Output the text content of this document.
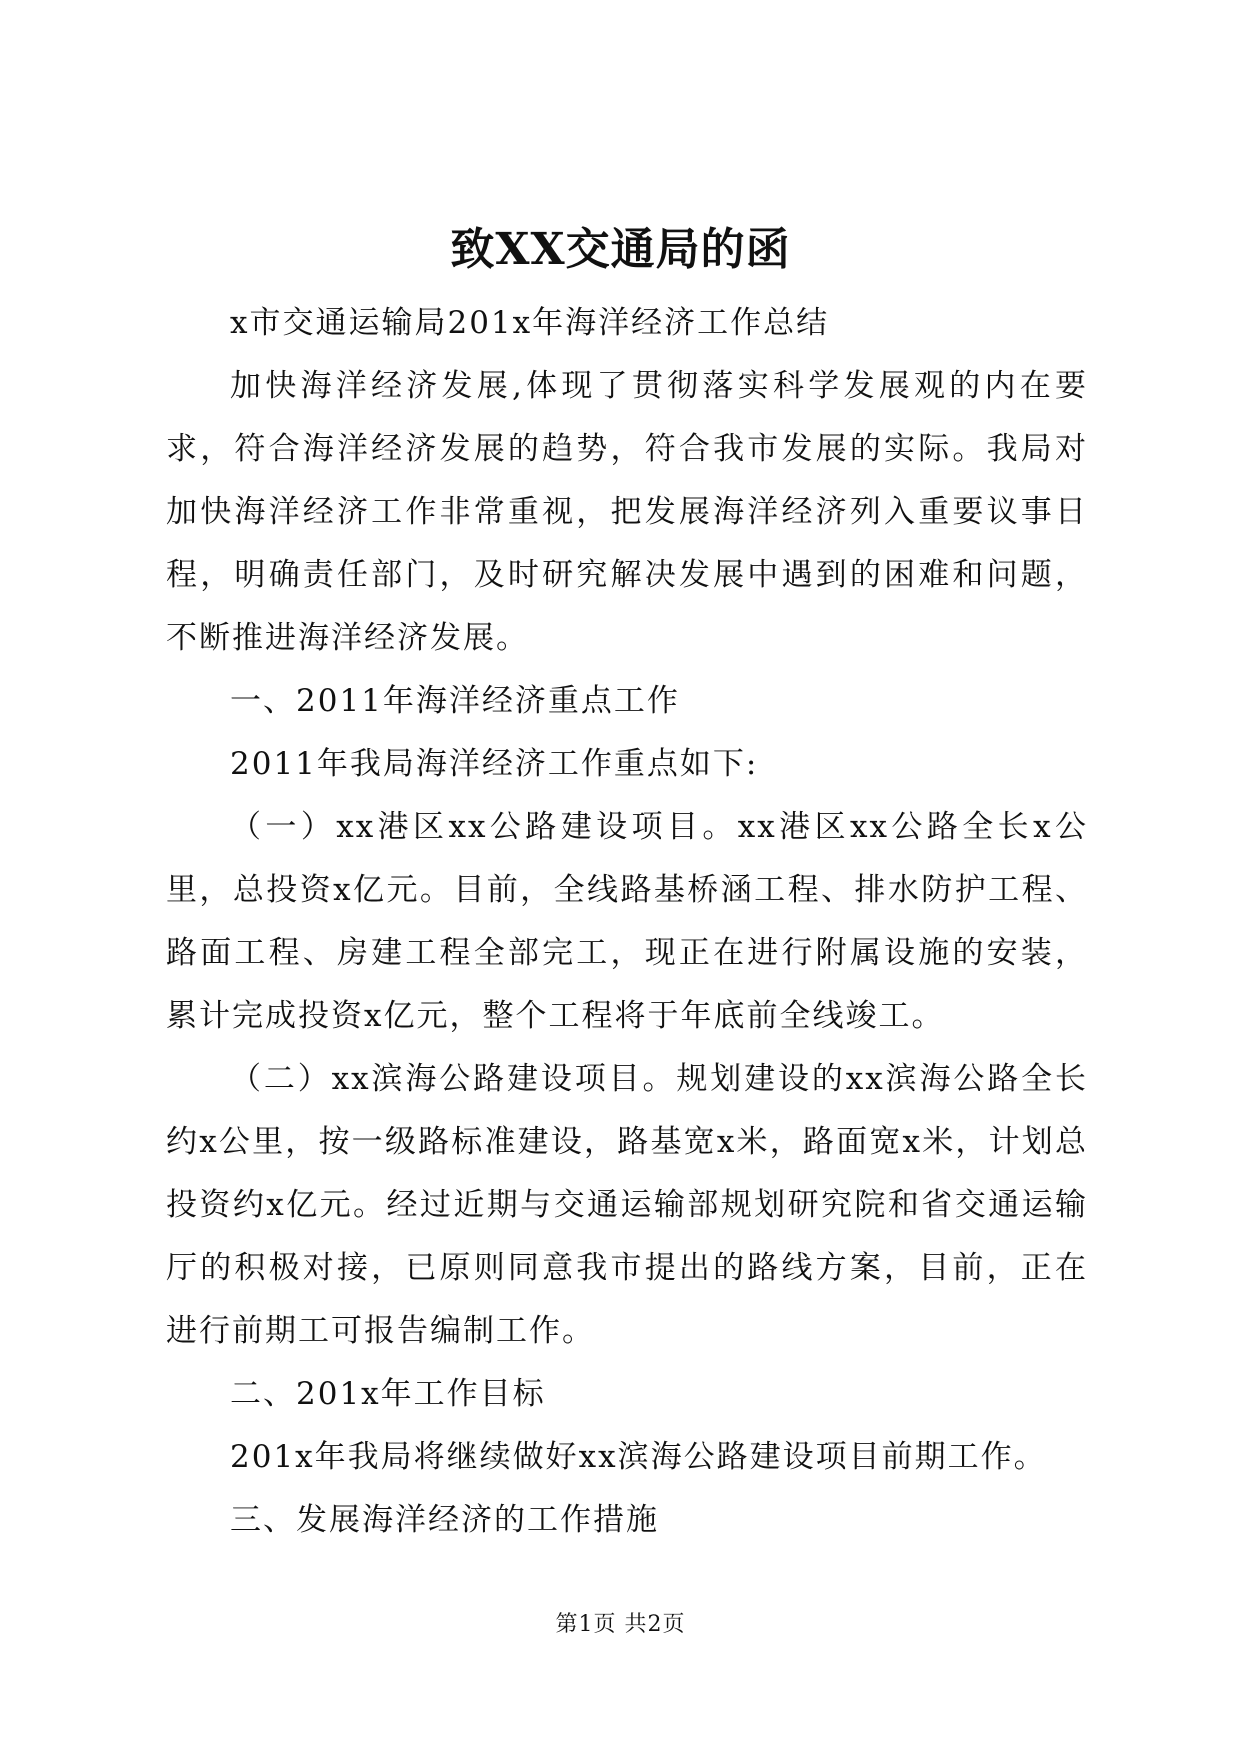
致XX交通局的函

x市交通运输局201x年海洋经济工作总结

加快海洋经济发展,体现了贯彻落实科学发展观的内在要求，符合海洋经济发展的趋势，符合我市发展的实际。我局对加快海洋经济工作非常重视，把发展海洋经济列入重要议事日程，明确责任部门，及时研究解决发展中遇到的困难和问题，不断推进海洋经济发展。

一、2011年海洋经济重点工作

2011年我局海洋经济工作重点如下:

（一）xx港区xx公路建设项目。xx港区xx公路全长x公里，总投资x亿元。目前，全线路基桥涵工程、排水防护工程、路面工程、房建工程全部完工，现正在进行附属设施的安装，累计完成投资x亿元，整个工程将于年底前全线竣工。

（二）xx滨海公路建设项目。规划建设的xx滨海公路全长约x公里，按一级路标准建设，路基宽x米，路面宽x米，计划总投资约x亿元。经过近期与交通运输部规划研究院和省交通运输厅的积极对接，已原则同意我市提出的路线方案，目前，正在进行前期工可报告编制工作。

二、201x年工作目标

201x年我局将继续做好xx滨海公路建设项目前期工作。

三、发展海洋经济的工作措施

第1页 共2页
